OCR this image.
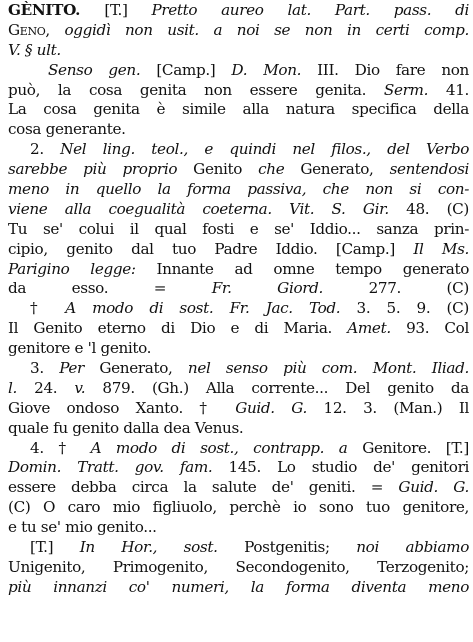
GÈNITO. [T.] Pretto aureo lat. Part. pass. di
Geno, oggidì non usit. a noi se non in certi comp.
V. § ult.
Senso gen. [Camp.] D. Mon. III. Dio fare non
può, la cosa genita non essere genita. Serm. 41.
La cosa genita è simile alla natura specifica della
cosa generante.
2. Nel ling. teol., e quindi nel filos., del Verbo
sarebbe più proprio Genito che Generato, sentendosi
meno in quello la forma passiva, che non si con-
viene alla coegualità coeterna. Vit. S. Gir. 48. (C)
Tu se' colui il qual fosti e se' Iddio... sanza prin-
cipio, genito dal tuo Padre Iddio. [Camp.] Il Ms.
Parigino legge: Innante ad omne tempo generato
da esso. = Fr. Giord. 277. (C)
† A modo di sost. Fr. Jac. Tod. 3. 5. 9. (C)
Il Genito eterno di Dio e di Maria. Amet. 93. Col
genitore e 'l genito.
3. Per Generato, nel senso più com. Mont. Iliad.
l. 24. v. 879. (Gh.) Alla corrente... Del genito da
Giove ondoso Xanto. † Guid. G. 12. 3. (Man.) Il
quale fu genito dalla dea Venus.
4. † A modo di sost., contrapp. a Genitore. [T.]
Domin. Tratt. gov. fam. 145. Lo studio de' genitori
essere debba circa la salute de' geniti. = Guid. G.
(C) O caro mio figliuolo, perchè io sono tuo genitore,
e tu se' mio genito...
[T.] In Hor., sost. Postgenitis; noi abbiamo
Unigenito, Primogenito, Secondogenito, Terzogenito;
più innanzi co' numeri, la forma diventa meno
